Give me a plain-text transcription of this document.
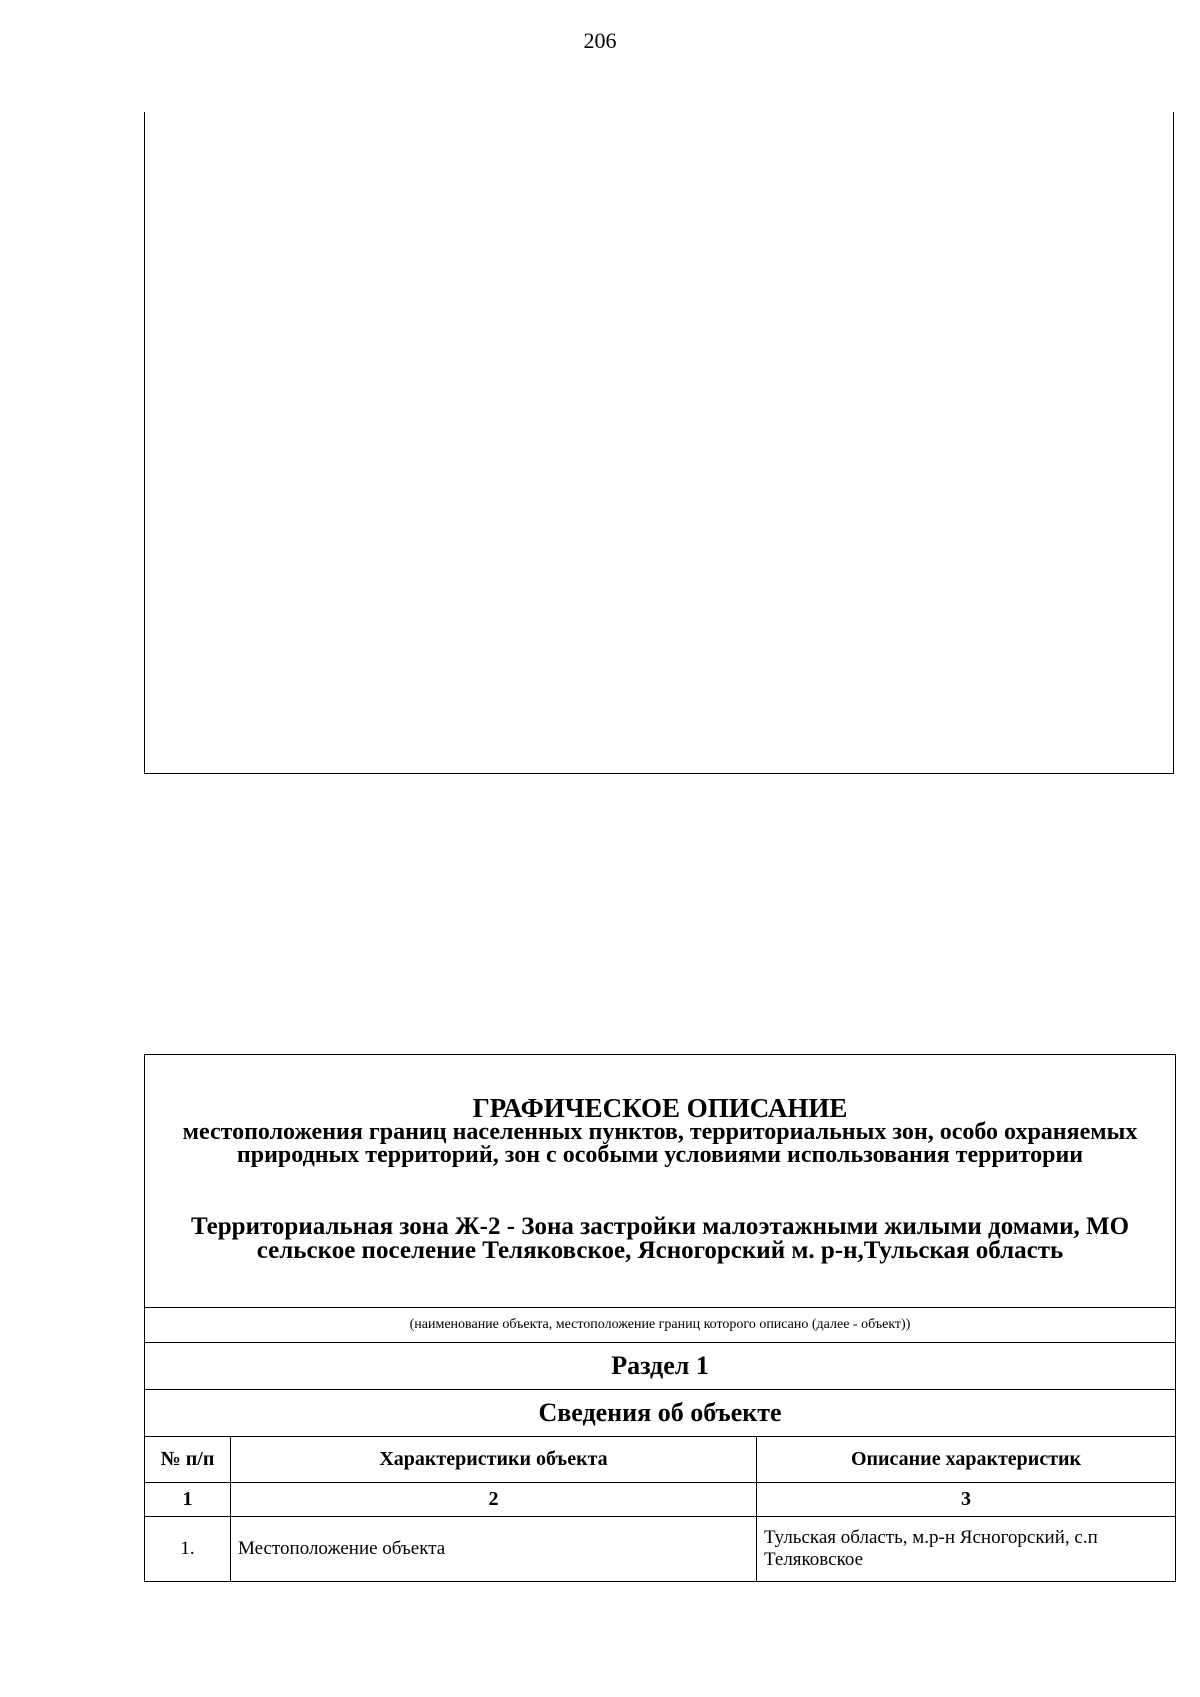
206
ГРАФИЧЕСКОЕ ОПИСАНИЕ
местоположения границ населенных пунктов, территориальных зон, особо охраняемых природных территорий, зон с особыми условиями использования территории
Территориальная зона Ж-2 - Зона застройки малоэтажными жилыми домами, МО сельское поселение Теляковское, Ясногорский м. р-н,Тульская область		

(наименование объекта, местоположение границ которого описано (далее - объект))		
Раздел 1		
Сведения об объекте		
№ п/п	Характеристики объекта	Описание характеристик
1	2	3
1.	Местоположение объекта	Тульская область, м.р-н Ясногорский, с.п Теляковское
